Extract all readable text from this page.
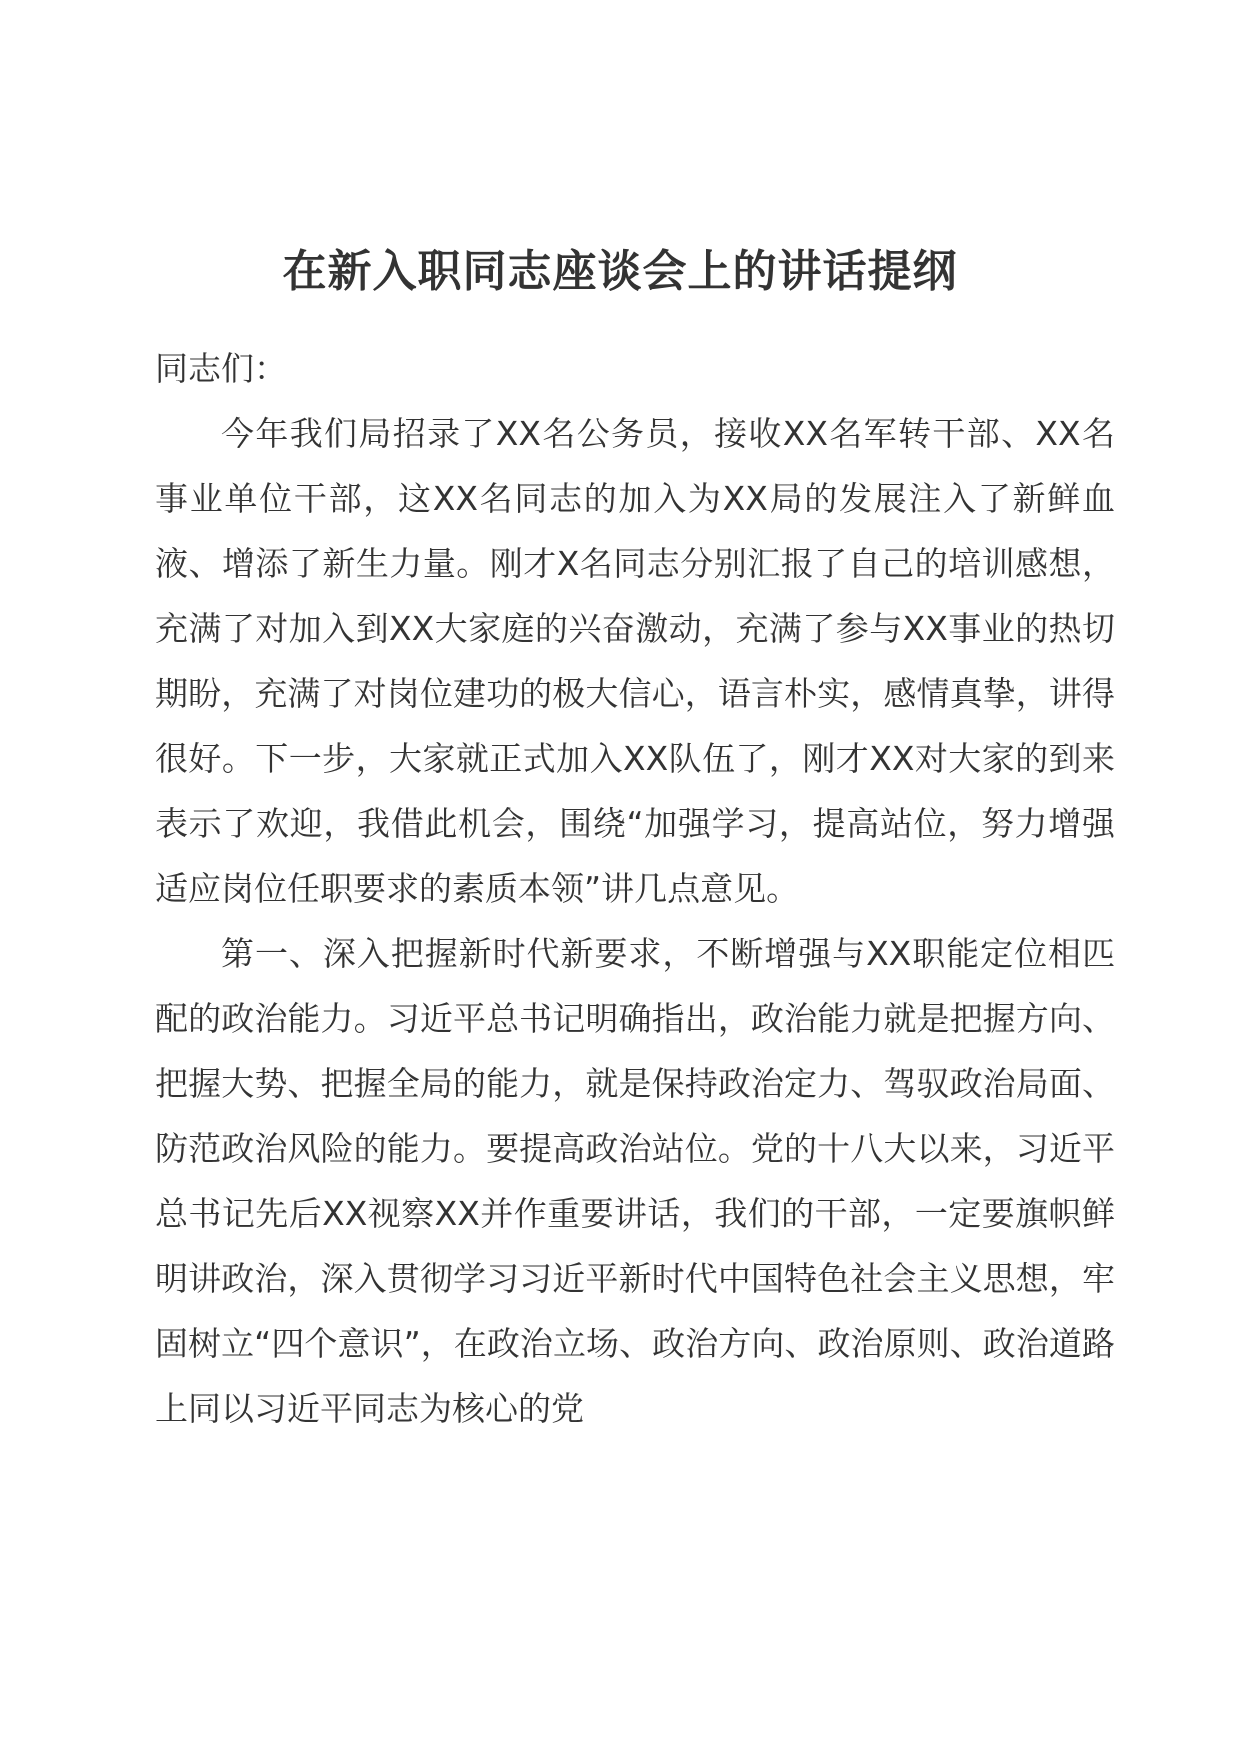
在新入职同志座谈会上的讲话提纲

同志们：

今年我们局招录了XX名公务员，接收XX名军转干部、XX名事业单位干部，这XX名同志的加入为XX局的发展注入了新鲜血液、增添了新生力量。刚才X名同志分别汇报了自己的培训感想，充满了对加入到XX大家庭的兴奋激动，充满了参与XX事业的热切期盼，充满了对岗位建功的极大信心，语言朴实，感情真挚，讲得很好。下一步，大家就正式加入XX队伍了，刚才XX对大家的到来表示了欢迎，我借此机会，围绕“加强学习，提高站位，努力增强适应岗位任职要求的素质本领”讲几点意见。

第一、深入把握新时代新要求，不断增强与XX职能定位相匹配的政治能力。习近平总书记明确指出，政治能力就是把握方向、把握大势、把握全局的能力，就是保持政治定力、驾驭政治局面、防范政治风险的能力。要提高政治站位。党的十八大以来，习近平总书记先后XX视察XX并作重要讲话，我们的干部，一定要旗帜鲜明讲政治，深入贯彻学习习近平新时代中国特色社会主义思想，牢固树立“四个意识”，在政治立场、政治方向、政治原则、政治道路上同以习近平同志为核心的党
